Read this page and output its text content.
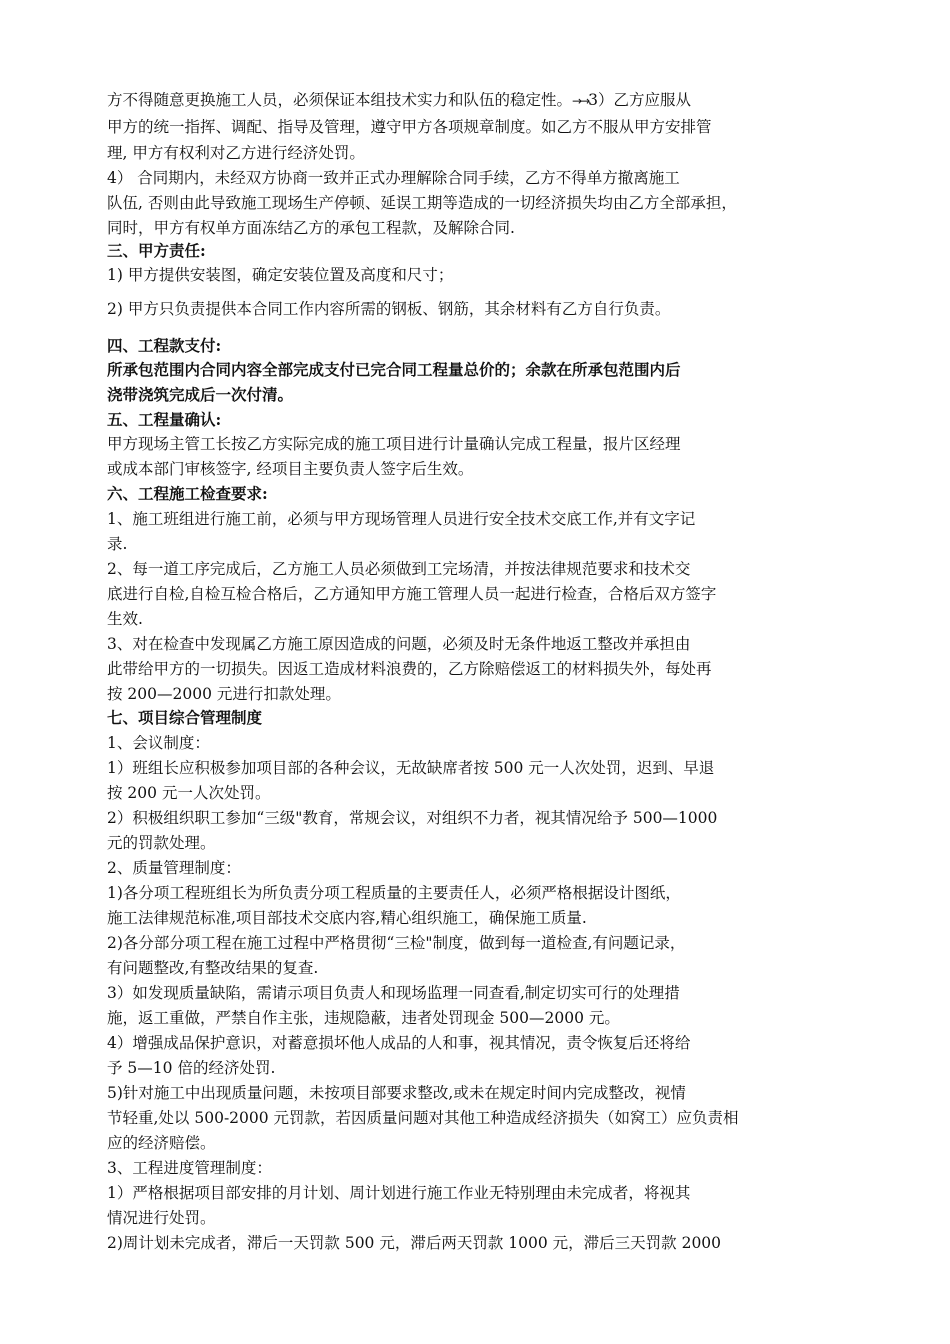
方不得随意更换施工人员，必须保证本组技术实力和队伍的稳定性。→→3）乙方应服从
甲方的统一指挥、调配、指导及管理，遵守甲方各项规章制度。如乙方不服从甲方安排管
理, 甲方有权利对乙方进行经济处罚。
4） 合同期内，未经双方协商一致并正式办理解除合同手续，乙方不得单方撤离施工
队伍, 否则由此导致施工现场生产停顿、延误工期等造成的一切经济损失均由乙方全部承担，
同时，甲方有权单方面冻结乙方的承包工程款，及解除合同.
三、甲方责任:
1) 甲方提供安装图，确定安装位置及高度和尺寸；
2) 甲方只负责提供本合同工作内容所需的钢板、钢筋，其余材料有乙方自行负责。
四、工程款支付:
所承包范围内合同内容全部完成支付已完合同工程量总价的；余款在所承包范围内后
浇带浇筑完成后一次付清。
五、工程量确认:
甲方现场主管工长按乙方实际完成的施工项目进行计量确认完成工程量，报片区经理
或成本部门审核签字, 经项目主要负责人签字后生效。
六、工程施工检查要求:
1、施工班组进行施工前，必须与甲方现场管理人员进行安全技术交底工作,并有文字记
录.
2、每一道工序完成后，乙方施工人员必须做到工完场清，并按法律规范要求和技术交
底进行自检,自检互检合格后，乙方通知甲方施工管理人员一起进行检查，合格后双方签字
生效.
3、对在检查中发现属乙方施工原因造成的问题，必须及时无条件地返工整改并承担由
此带给甲方的一切损失。因返工造成材料浪费的，乙方除赔偿返工的材料损失外，每处再
按 200—2000 元进行扣款处理。
七、项目综合管理制度
1、会议制度：
1）班组长应积极参加项目部的各种会议，无故缺席者按 500 元一人次处罚，迟到、早退
按 200 元一人次处罚。
2）积极组织职工参加“三级"教育，常规会议，对组织不力者，视其情况给予 500—1000
元的罚款处理。
2、质量管理制度：
1)各分项工程班组长为所负责分项工程质量的主要责任人，必须严格根据设计图纸，
施工法律规范标准,项目部技术交底内容,精心组织施工，确保施工质量.
2)各分部分项工程在施工过程中严格贯彻“三检"制度，做到每一道检查,有问题记录，
有问题整改,有整改结果的复查.
3）如发现质量缺陷，需请示项目负责人和现场监理一同查看,制定切实可行的处理措
施，返工重做，严禁自作主张，违规隐蔽，违者处罚现金 500—2000 元。
4）增强成品保护意识，对蓄意损坏他人成品的人和事，视其情况，责令恢复后还将给
予 5—10 倍的经济处罚.
5)针对施工中出现质量问题，未按项目部要求整改,或未在规定时间内完成整改，视情
节轻重,处以 500-2000 元罚款，若因质量问题对其他工种造成经济损失（如窝工）应负责相
应的经济赔偿。
3、工程进度管理制度：
1）严格根据项目部安排的月计划、周计划进行施工作业无特别理由未完成者，将视其
情况进行处罚。
2)周计划未完成者，滞后一天罚款 500 元，滞后两天罚款 1000 元，滞后三天罚款 2000
